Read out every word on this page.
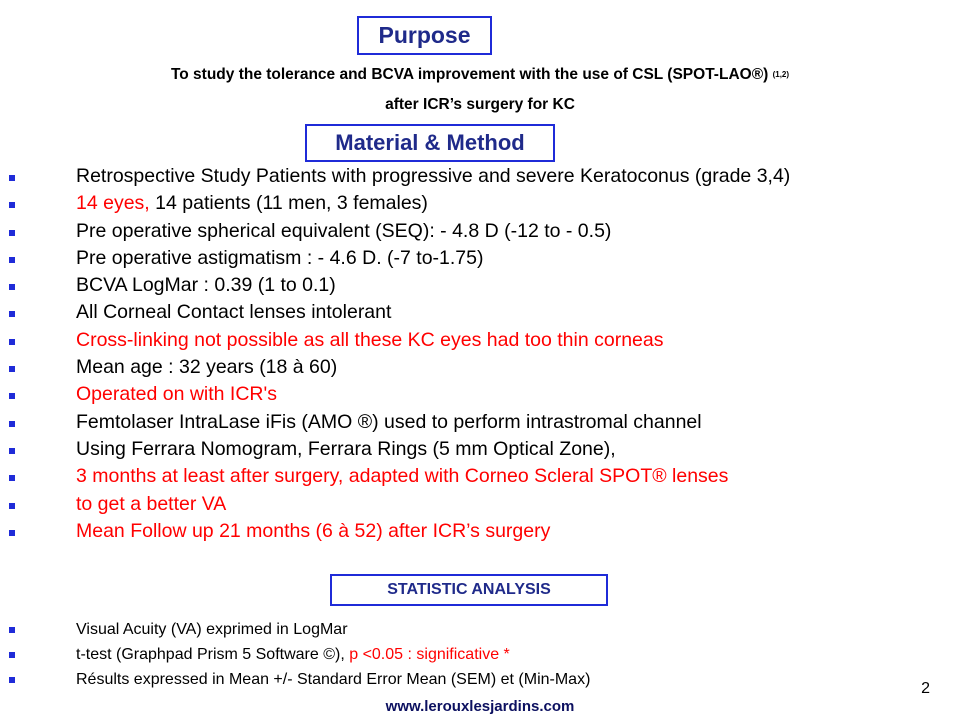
Purpose
To study the tolerance and BCVA improvement with the use of CSL (SPOT-LAO®) $^{(1,2)}$
after ICR’s surgery for KC
Material & Method
Retrospective Study Patients with progressive and severe Keratoconus (grade 3,4)
14 eyes, 14 patients (11 men, 3 females)
Pre operative spherical equivalent (SEQ): - 4.8 D (-12 to - 0.5)
Pre operative astigmatism : - 4.6 D. (-7 to-1.75)
BCVA LogMar : 0.39 (1 to 0.1)
All Corneal Contact lenses intolerant
Cross-linking not possible as all these KC eyes had too thin corneas
Mean age : 32 years (18 à 60)
Operated on with ICR's
Femtolaser IntraLase iFis (AMO ®) used to perform intrastromal channel
Using Ferrara Nomogram, Ferrara Rings (5 mm Optical Zone),
3 months at least after surgery, adapted with Corneo Scleral SPOT® lenses
to get a better VA
Mean Follow up 21 months (6 à 52) after ICR’s surgery
STATISTIC ANALYSIS
Visual Acuity (VA) exprimed in LogMar
t-test (Graphpad Prism 5 Software ©), p <0.05 : significative *
Résults expressed in Mean +/- Standard Error Mean (SEM) et (Min-Max)
2
www.lerouxlesjardins.com
